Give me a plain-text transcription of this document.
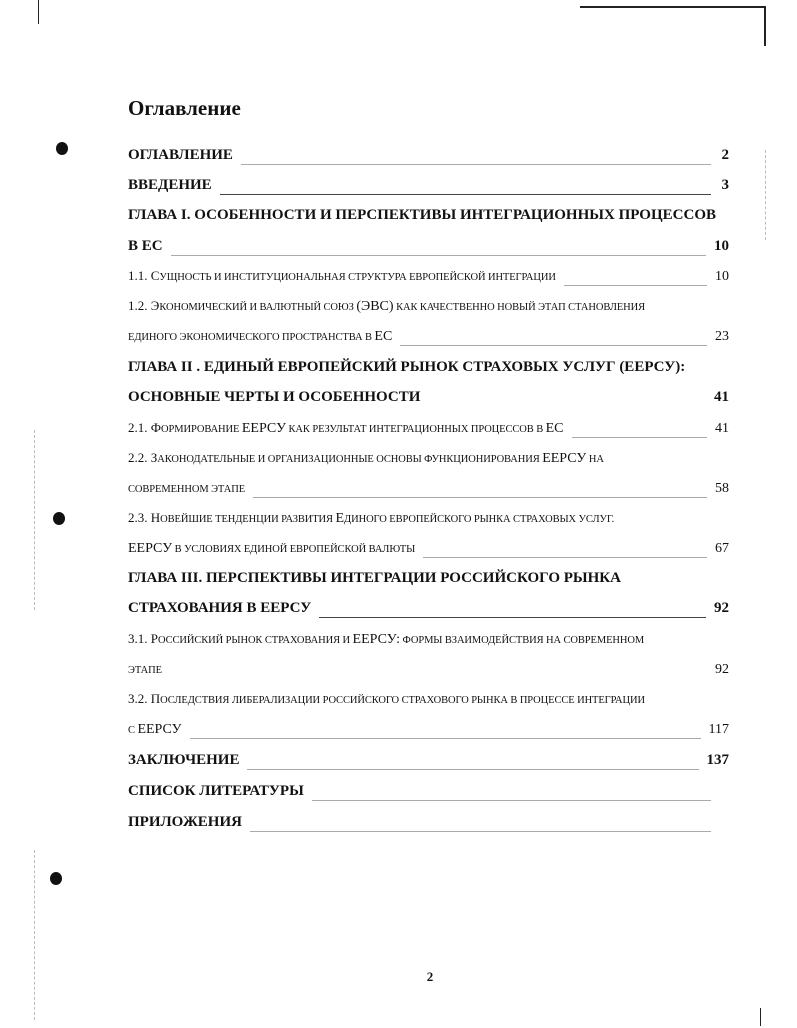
Оглавление
ОГЛАВЛЕНИЕ	2
ВВЕДЕНИЕ	3
ГЛАВА I. ОСОБЕННОСТИ И ПЕРСПЕКТИВЫ ИНТЕГРАЦИОННЫХ ПРОЦЕССОВ
В ЕС	10
1.1. СУЩНОСТЬ И ИНСТИТУЦИОНАЛЬНАЯ СТРУКТУРА ЕВРОПЕЙСКОЙ ИНТЕГРАЦИИ	10
1.2. ЭКОНОМИЧЕСКИЙ И ВАЛЮТНЫЙ СОЮЗ (ЭВС) КАК КАЧЕСТВЕННО НОВЫЙ ЭТАП СТАНОВЛЕНИЯ
ЕДИНОГО ЭКОНОМИЧЕСКОГО ПРОСТРАНСТВА В ЕС	23
ГЛАВА II . ЕДИНЫЙ ЕВРОПЕЙСКИЙ РЫНОК СТРАХОВЫХ УСЛУГ (ЕЕРСУ):
ОСНОВНЫЕ ЧЕРТЫ И ОСОБЕННОСТИ	41
2.1. ФОРМИРОВАНИЕ ЕЕРСУ КАК РЕЗУЛЬТАТ ИНТЕГРАЦИОННЫХ ПРОЦЕССОВ В ЕС	41
2.2. ЗАКОНОДАТЕЛЬНЫЕ И ОРГАНИЗАЦИОННЫЕ ОСНОВЫ ФУНКЦИОНИРОВАНИЯ ЕЕРСУ НА
СОВРЕМЕННОМ ЭТАПЕ	58
2.3. НОВЕЙШИЕ ТЕНДЕНЦИИ РАЗВИТИЯ ЕДИНОГО ЕВРОПЕЙСКОГО РЫНКА СТРАХОВЫХ УСЛУГ.
ЕЕРСУ В УСЛОВИЯХ ЕДИНОЙ ЕВРОПЕЙСКОЙ ВАЛЮТЫ	67
ГЛАВА III. ПЕРСПЕКТИВЫ ИНТЕГРАЦИИ РОССИЙСКОГО РЫНКА
СТРАХОВАНИЯ В ЕЕРСУ	92
3.1. РОССИЙСКИЙ РЫНОК СТРАХОВАНИЯ И ЕЕРСУ: ФОРМЫ ВЗАИМОДЕЙСТВИЯ НА СОВРЕМЕННОМ
ЭТАПЕ	92
3.2. ПОСЛЕДСТВИЯ ЛИБЕРАЛИЗАЦИИ РОССИЙСКОГО СТРАХОВОГО РЫНКА В ПРОЦЕССЕ ИНТЕГРАЦИИ
С ЕЕРСУ	117
ЗАКЛЮЧЕНИЕ	137
СПИСОК ЛИТЕРАТУРЫ
ПРИЛОЖЕНИЯ
2
